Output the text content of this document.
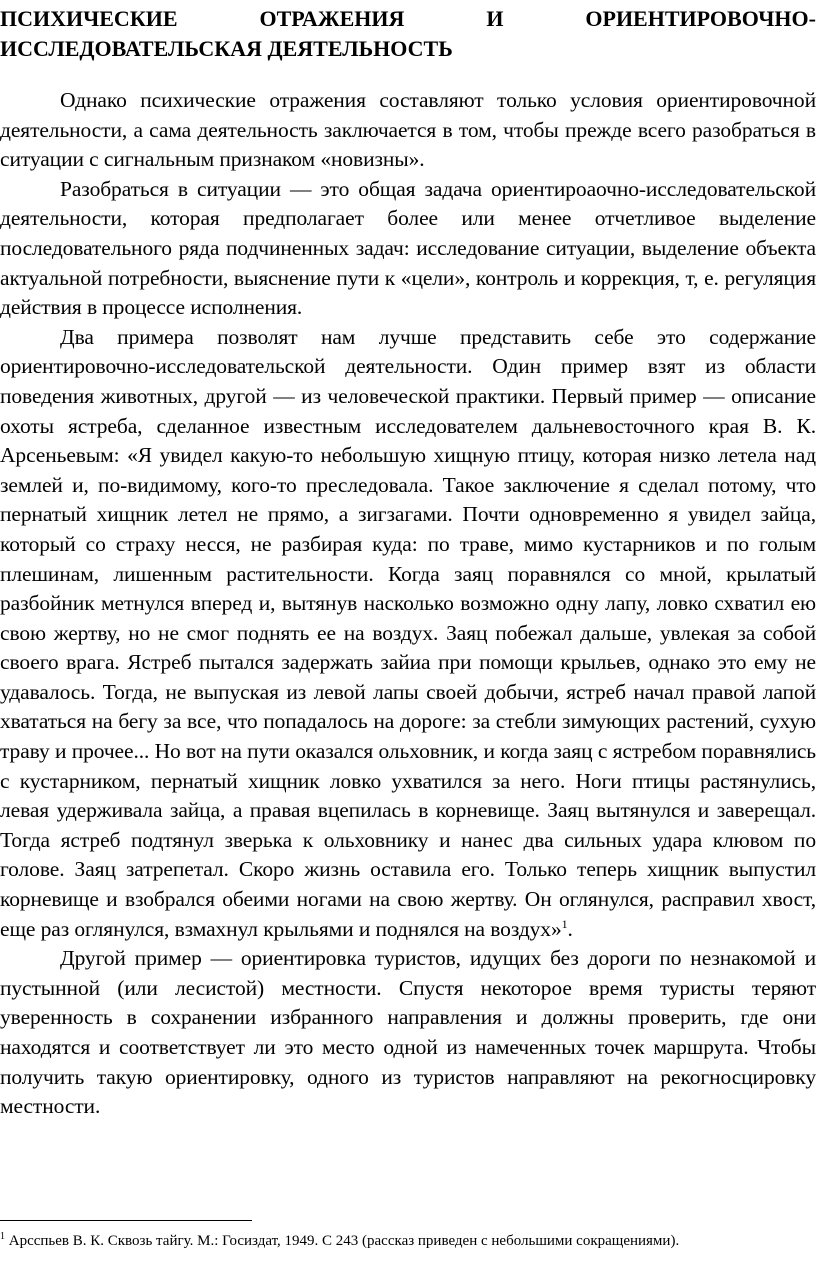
ПСИХИЧЕСКИЕ	ОТРАЖЕНИЯ	И	ОРИЕНТИРОВОЧНО-
ИССЛЕДОВАТЕЛЬСКАЯ ДЕЯТЕЛЬНОСТЬ

Однако психические отражения составляют только условия ориентировочной деятельности, а сама деятельность заключается в том, чтобы прежде всего разобраться в ситуации с сигнальным признаком «новизны».

Разобраться в ситуации — это общая задача ориентироаочно-исследовательской деятельности, которая предполагает более или менее отчетливое выделение последовательного ряда подчиненных задач: исследование ситуации, выделение объекта актуальной потребности, выяснение пути к «цели», контроль и коррекция, т, е. регуляция действия в процессе исполнения.

Два примера позволят нам лучше представить себе это содержание ориентировочно-исследовательской деятельности. Один пример взят из области поведения животных, другой — из человеческой практики. Первый пример — описание охоты ястреба, сделанное известным исследователем дальневосточного края В. К. Арсеньевым: «Я увидел какую-то небольшую хищную птицу, которая низко летела над землей и, по-видимому, кого-то преследовала. Такое заключение я сделал потому, что пернатый хищник летел не прямо, а зигзагами. Почти одновременно я увидел зайца, который со страху несся, не разбирая куда: по траве, мимо кустарников и по голым плешинам, лишенным растительности. Когда заяц поравнялся со мной, крылатый разбойник метнулся вперед и, вытянув насколько возможно одну лапу, ловко схватил ею свою жертву, но не смог поднять ее на воздух. Заяц побежал дальше, увлекая за собой своего врага. Ястреб пытался задержать зайиа при помощи крыльев, однако это ему не удавалось. Тогда, не выпуская из левой лапы своей добычи, ястреб начал правой лапой хвататься на бегу за все, что попадалось на дороге: за стебли зимующих растений, сухую траву и прочее... Но вот на пути оказался ольховник, и когда заяц с ястребом поравнялись с кустарником, пернатый хищник ловко ухватился за него. Ноги птицы растянулись, левая удерживала зайца, а правая вцепилась в корневище. Заяц вытянулся и заверещал. Тогда ястреб подтянул зверька к ольховнику и нанес два сильных удара клювом по голове. Заяц затрепетал. Скоро жизнь оставила его. Только теперь хищник выпустил корневище и взобрался обеими ногами на свою жертву. Он оглянулся, расправил хвост, еще раз оглянулся, взмахнул крыльями и поднялся на воздух»$^1$.

Другой пример — ориентировка туристов, идущих без дороги по незнакомой и пустынной (или лесистой) местности. Спустя некоторое время туристы теряют уверенность в сохранении избранного направления и должны проверить, где они находятся и соответствует ли это место одной из намеченных точек маршрута. Чтобы получить такую ориентировку, одного из туристов направляют на рекогносцировку местности.

$^1$ Арсспьев В. К. Сквозь тайгу. М.: Госиздат, 1949. С 243 (рассказ приведен с небольшими сокращениями).
